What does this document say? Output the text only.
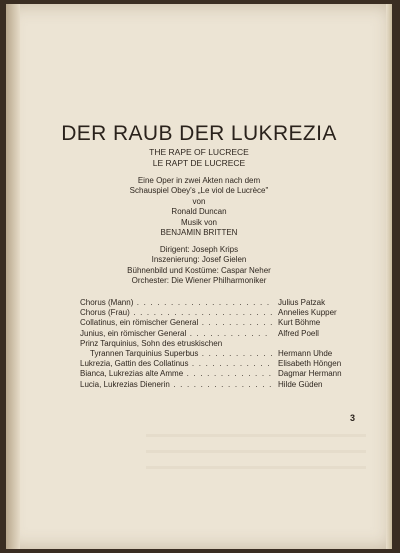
DER RAUB DER LUKREZIA
THE RAPE OF LUCRECE
LE RAPT DE LUCRECE
Eine Oper in zwei Akten nach dem
Schauspiel Obey's „Le viol de Lucrèce"
von
Ronald Duncan
Musik von
BENJAMIN BRITTEN
Dirigent: Joseph Krips
Inszenierung: Josef Gielen
Bühnenbild und Kostüme: Caspar Neher
Orchester: Die Wiener Philharmoniker
Chorus (Mann) . . .	Julius Patzak
Chorus (Frau) . . .	Annelies Kupper
Collatinus, ein römischer General . . .	Kurt Böhme
Junius, ein römischer General . . .	Alfred Poell
Prinz Tarquinius, Sohn des etruskischen
Tyrannen Tarquinius Superbus . . .	Hermann Uhde
Lukrezia, Gattin des Collatinus . . .	Elisabeth Höngen
Bianca, Lukrezias alte Amme . . .	Dagmar Hermann
Lucia, Lukrezias Dienerin . . .	Hilde Güden
3
